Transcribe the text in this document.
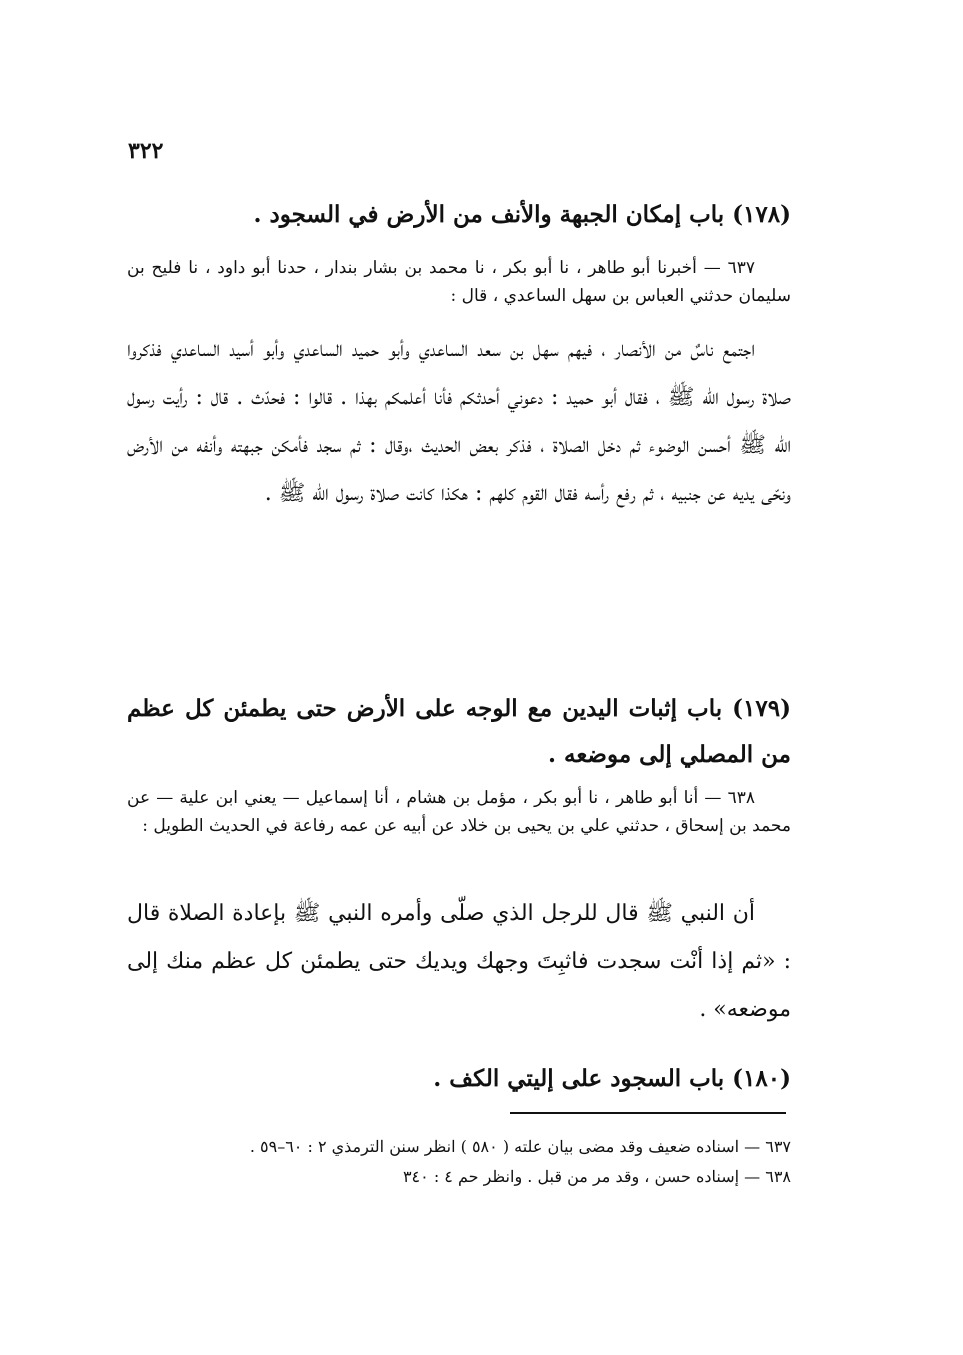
٣٢٢
(١٧٨) باب إمكان الجبهة والأنف من الأرض في السجود .
٦٣٧ — أخبرنا أبو طاهر ، نا أبو بكر ، نا محمد بن بشار بندار ، حدنا أبو داود ، نا فليح بن سليمان حدثني العباس بن سهل الساعدي ، قال :
اجتمع ناسٌ من الأنصار ، فيهم سهل بن سعد الساعدي وأبو حميد الساعدي وأبو أسيد الساعدي فذكروا صلاة رسول الله ﷺ ، فقال أبو حميد : دعوني أحدثكم فأنا أعلمكم بهذا . قالوا : فحدّث . قال : رأيت رسول الله ﷺ أحسن الوضوء ثم دخل الصلاة ، فذكر بعض الحديث ،وقال : ثم سجد فأمكن جبهته وأنفه من الأرض ونحّى يديه عن جنبيه ، ثم رفع رأسه فقال القوم كلهم : هكذا كانت صلاة رسول الله ﷺ .
(١٧٩) باب إثبات اليدين مع الوجه على الأرض حتى يطمئن كل عظم من المصلي إلى موضعه .
٦٣٨ — أنا أبو طاهر ، نا أبو بكر ، مؤمل بن هشام ، أنا إسماعيل — يعني ابن علية — عن محمد بن إسحاق ، حدثني علي بن يحيى بن خلاد عن أبيه عن عمه رفاعة في الحديث الطويل :
أن النبي ﷺ قال للرجل الذي صلّى وأمره النبي ﷺ بإعادة الصلاة قال : «ثم إذا أنْت سجدت فاثبِتَ وجهك ويديك حتى يطمئن كل عظم منك إلى موضعه» .
(١٨٠) باب السجود على إليتي الكف .
٦٣٧ — اسناده ضعيف وقد مضى بيان علته ( ٥٨٠ ) انظر سنن الترمذي ٢ : ٦٠–٥٩ .
٦٣٨ — إسناده حسن ، وقد مر من قبل . وانظر حم ٤ : ٣٤٠
